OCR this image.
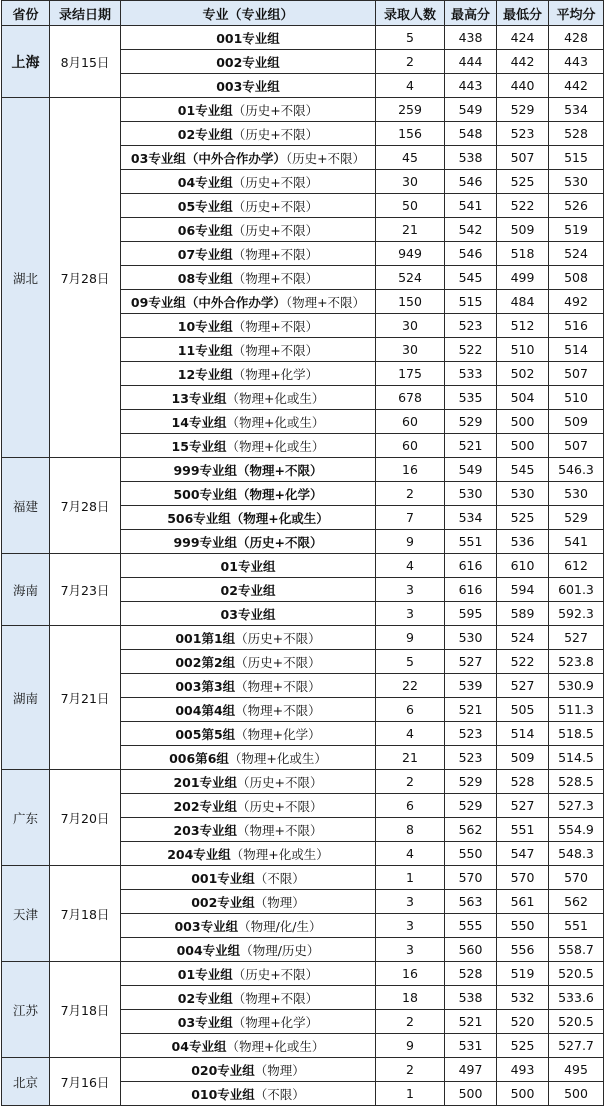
省份	录结日期	专业（专业组）	录取人数	最高分	最低分	平均分
上海	8月15日	001专业组	5	438	424	428
		002专业组	2	444	442	443
		003专业组	4	443	440	442
湖北	7月28日	01专业组（历史+不限）	259	549	529	534
		02专业组（历史+不限）	156	548	523	528
		03专业组（中外合作办学）（历史+不限）	45	538	507	515
		04专业组（历史+不限）	30	546	525	530
		05专业组（历史+不限）	50	541	522	526
		06专业组（历史+不限）	21	542	509	519
		07专业组（物理+不限）	949	546	518	524
		08专业组（物理+不限）	524	545	499	508
		09专业组（中外合作办学）（物理+不限）	150	515	484	492
		10专业组（物理+不限）	30	523	512	516
		11专业组（物理+不限）	30	522	510	514
		12专业组（物理+化学）	175	533	502	507
		13专业组（物理+化或生）	678	535	504	510
		14专业组（物理+化或生）	60	529	500	509
		15专业组（物理+化或生）	60	521	500	507
福建	7月28日	999专业组（物理+不限）	16	549	545	546.3
		500专业组（物理+化学）	2	530	530	530
		506专业组（物理+化或生）	7	534	525	529
		999专业组（历史+不限）	9	551	536	541
海南	7月23日	01专业组	4	616	610	612
		02专业组	3	616	594	601.3
		03专业组	3	595	589	592.3
湖南	7月21日	001第1组（历史+不限）	9	530	524	527
		002第2组（历史+不限）	5	527	522	523.8
		003第3组（物理+不限）	22	539	527	530.9
		004第4组（物理+不限）	6	521	505	511.3
		005第5组（物理+化学）	4	523	514	518.5
		006第6组（物理+化或生）	21	523	509	514.5
广东	7月20日	201专业组（历史+不限）	2	529	528	528.5
		202专业组（历史+不限）	6	529	527	527.3
		203专业组（物理+不限）	8	562	551	554.9
		204专业组（物理+化或生）	4	550	547	548.3
天津	7月18日	001专业组（不限）	1	570	570	570
		002专业组（物理）	3	563	561	562
		003专业组（物理/化/生）	3	555	550	551
		004专业组（物理/历史）	3	560	556	558.7
江苏	7月18日	01专业组（历史+不限）	16	528	519	520.5
		02专业组（物理+不限）	18	538	532	533.6
		03专业组（物理+化学）	2	521	520	520.5
		04专业组（物理+化或生）	9	531	525	527.7
北京	7月16日	020专业组（物理）	2	497	493	495
		010专业组（不限）	1	500	500	500
